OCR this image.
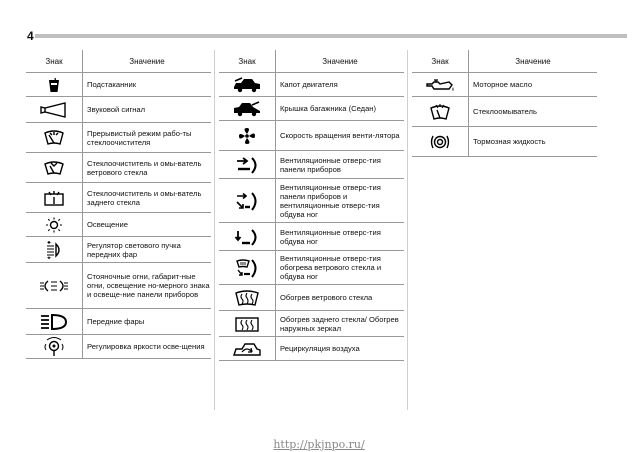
4
Знак	Значение

	Подстаканник

	Звуковой сигнал

	Прерывистый режим рабо-ты стеклоочистителя

	Стеклоочиститель и омы-ватель ветрового стекла

	Стеклоочиститель и омы-ватель заднего стекла

	Освещение

	Регулятор светового пучка передних фар

	Стояночные огни, габарит-ные огни, освещение но-мерного знака и освеще-ние панели приборов

	Передние фары

	Регулировка яркости осве-щения
Знак	Значение

	Капот двигателя

	Крышка багажника (Седан)

	Скорость вращения венти-лятора

	Вентиляционные отверс-тия панели приборов

	Вентиляционные отверс-тия панели приборов и вентиляционные отверс-тия обдува ног

	Вентиляционные отверс-тия обдува ног

	Вентиляционные отверс-тия обогрева ветрового стекла и обдува ног

	Обогрев ветрового стекла

	Обогрев заднего стекла/ Обогрев наружных зеркал

	Рециркуляция воздуха
Знак	Значение

	Моторное масло

	Стеклоомыватель

	Тормозная жидкость
http://pkjnpo.ru/
